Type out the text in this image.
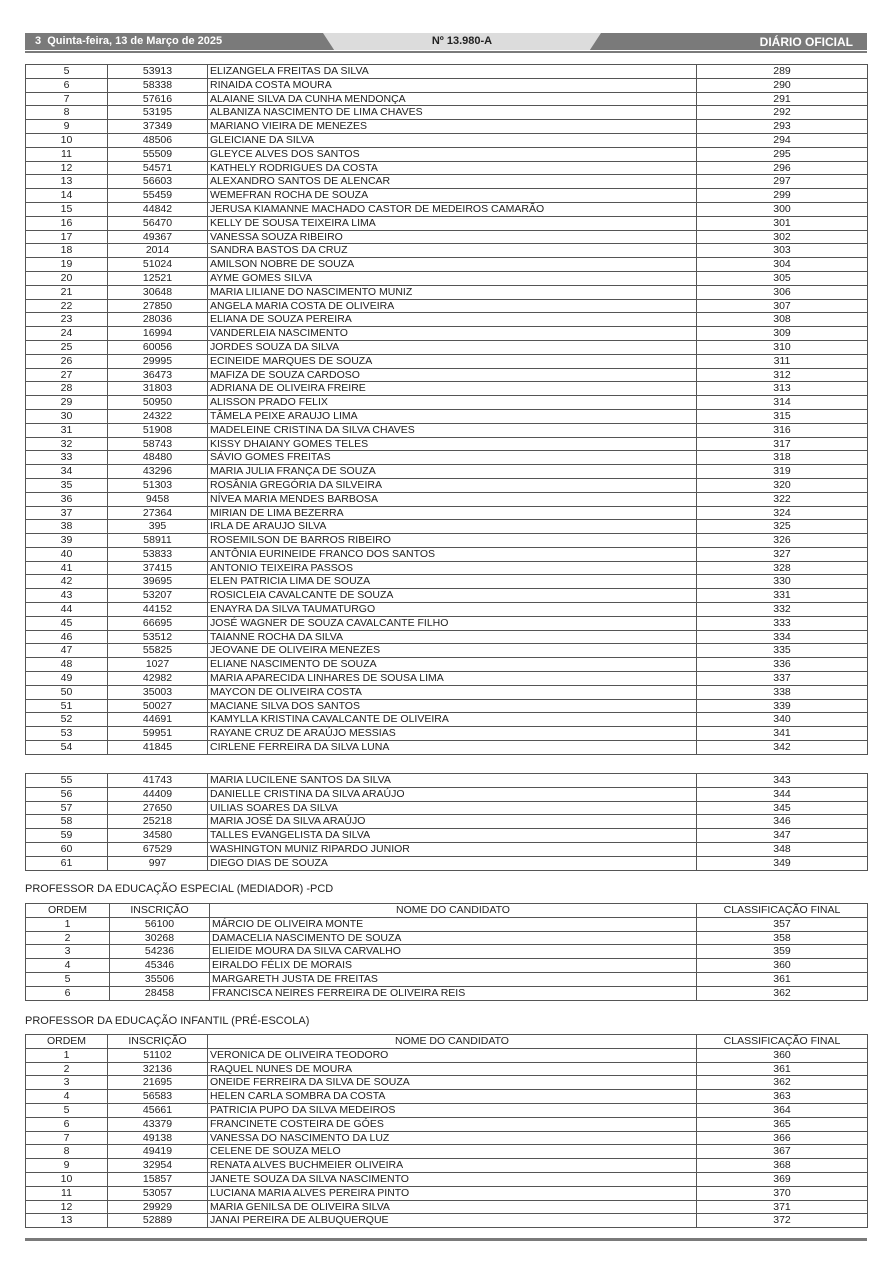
3 Quinta-feira, 13 de Março de 2025	Nº 13.980-A	DIÁRIO OFICIAL
5	53913	ELIZANGELA FREITAS DA SILVA	289
6	58338	RINAIDA COSTA MOURA	290
7	57616	ALAIANE SILVA DA CUNHA MENDONÇA	291
8	53195	ALBANIZA NASCIMENTO DE LIMA CHAVES	292
9	37349	MARIANO VIEIRA DE MENEZES	293
10	48506	GLEICIANE DA SILVA	294
11	55509	GLEYCE ALVES DOS SANTOS	295
12	54571	KATHELY RODRIGUES DA COSTA	296
13	56603	ALEXANDRO SANTOS DE ALENCAR	297
14	55459	WEMEFRAN ROCHA DE SOUZA	299
15	44842	JERUSA KIAMANNE MACHADO CASTOR DE MEDEIROS CAMARÃO	300
16	56470	KELLY DE SOUSA TEIXEIRA LIMA	301
17	49367	VANESSA SOUZA RIBEIRO	302
18	2014	SANDRA BASTOS DA CRUZ	303
19	51024	AMILSON NOBRE DE SOUZA	304
20	12521	AYME GOMES SILVA	305
21	30648	MARIA LILIANE DO NASCIMENTO MUNIZ	306
22	27850	ANGELA MARIA COSTA DE OLIVEIRA	307
23	28036	ELIANA DE SOUZA PEREIRA	308
24	16994	VANDERLEIA NASCIMENTO	309
25	60056	JORDES SOUZA DA SILVA	310
26	29995	ECINEIDE MARQUES DE SOUZA	311
27	36473	MAFIZA DE SOUZA CARDOSO	312
28	31803	ADRIANA DE OLIVEIRA FREIRE	313
29	50950	ALISSON PRADO FELIX	314
30	24322	TÂMELA PEIXE ARAUJO LIMA	315
31	51908	MADELEINE CRISTINA DA SILVA CHAVES	316
32	58743	KISSY DHAIANY GOMES TELES	317
33	48480	SÁVIO GOMES FREITAS	318
34	43296	MARIA JULIA FRANÇA DE SOUZA	319
35	51303	ROSÂNIA GREGÓRIA DA SILVEIRA	320
36	9458	NÍVEA MARIA MENDES BARBOSA	322
37	27364	MIRIAN DE LIMA BEZERRA	324
38	395	IRLA DE ARAUJO SILVA	325
39	58911	ROSEMILSON DE BARROS RIBEIRO	326
40	53833	ANTÔNIA EURINEIDE FRANCO DOS SANTOS	327
41	37415	ANTONIO TEIXEIRA PASSOS	328
42	39695	ELEN PATRICIA LIMA DE SOUZA	330
43	53207	ROSICLEIA CAVALCANTE DE SOUZA	331
44	44152	ENAYRA DA SILVA TAUMATURGO	332
45	66695	JOSÉ WAGNER DE SOUZA CAVALCANTE FILHO	333
46	53512	TAIANNE ROCHA DA SILVA	334
47	55825	JEOVANE DE OLIVEIRA MENEZES	335
48	1027	ELIANE NASCIMENTO DE SOUZA	336
49	42982	MARIA APARECIDA LINHARES DE SOUSA LIMA	337
50	35003	MAYCON DE OLIVEIRA COSTA	338
51	50027	MACIANE SILVA DOS SANTOS	339
52	44691	KAMYLLA KRISTINA CAVALCANTE DE OLIVEIRA	340
53	59951	RAYANE CRUZ DE ARAÚJO MESSIAS	341
54	41845	CIRLENE FERREIRA DA SILVA LUNA	342
55	41743	MARIA LUCILENE SANTOS DA SILVA	343
56	44409	DANIELLE CRISTINA DA SILVA ARAÚJO	344
57	27650	UILIAS SOARES DA SILVA	345
58	25218	MARIA JOSÉ DA SILVA ARAÚJO	346
59	34580	TALLES EVANGELISTA DA SILVA	347
60	67529	WASHINGTON MUNIZ RIPARDO JUNIOR	348
61	997	DIEGO DIAS DE SOUZA	349
PROFESSOR DA EDUCAÇÃO ESPECIAL (MEDIADOR) -PCD
ORDEM	INSCRIÇÃO	NOME DO CANDIDATO	CLASSIFICAÇÃO FINAL
1	56100	MÁRCIO DE OLIVEIRA MONTE	357
2	30268	DAMACELIA NASCIMENTO DE SOUZA	358
3	54236	ELIEIDE MOURA DA SILVA CARVALHO	359
4	45346	EIRALDO FÉLIX DE MORAIS	360
5	35506	MARGARETH JUSTA DE FREITAS	361
6	28458	FRANCISCA NEIRES FERREIRA DE OLIVEIRA REIS	362
PROFESSOR DA EDUCAÇÃO INFANTIL (PRÉ-ESCOLA)
ORDEM	INSCRIÇÃO	NOME DO CANDIDATO	CLASSIFICAÇÃO FINAL
1	51102	VERONICA DE OLIVEIRA TEODORO	360
2	32136	RAQUEL NUNES DE MOURA	361
3	21695	ONEIDE FERREIRA DA SILVA DE SOUZA	362
4	56583	HELEN CARLA SOMBRA DA COSTA	363
5	45661	PATRICIA PUPO DA SILVA MEDEIROS	364
6	43379	FRANCINETE COSTEIRA DE GÓES	365
7	49138	VANESSA DO NASCIMENTO DA LUZ	366
8	49419	CELENE DE SOUZA MELO	367
9	32954	RENATA ALVES BUCHMEIER OLIVEIRA	368
10	15857	JANETE SOUZA DA SILVA NASCIMENTO	369
11	53057	LUCIANA MARIA ALVES PEREIRA PINTO	370
12	29929	MARIA GENILSA DE OLIVEIRA SILVA	371
13	52889	JANAI PEREIRA DE ALBUQUERQUE	372
